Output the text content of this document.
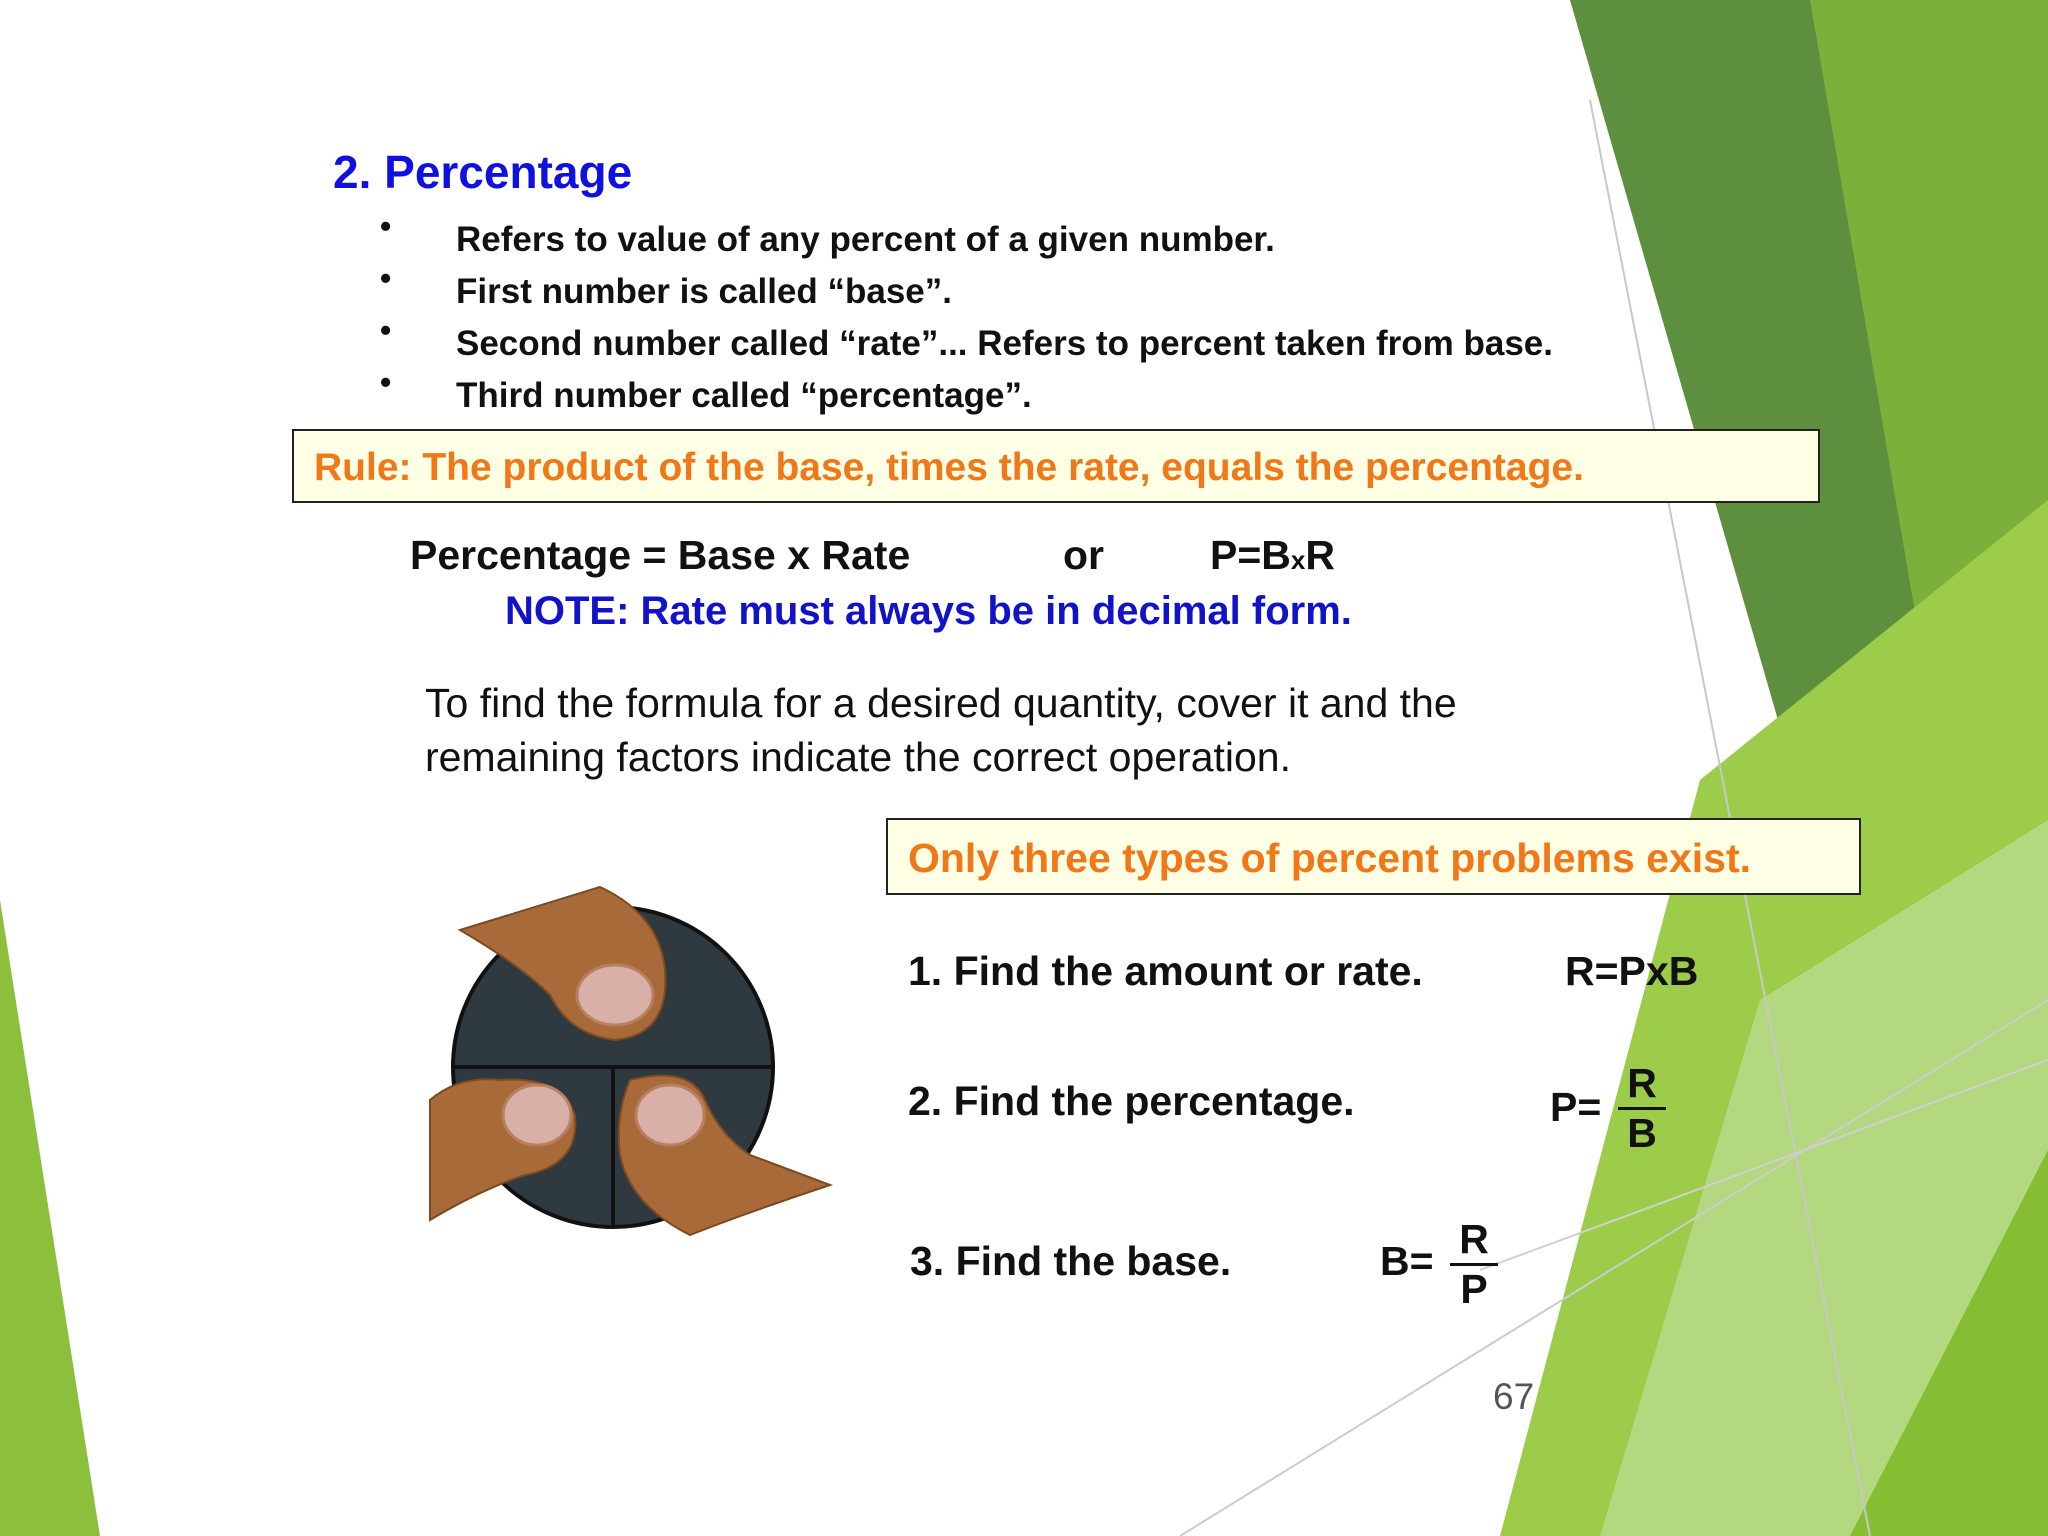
2. Percentage
• Refers to value of any percent of a given number.
• First number is called “base”.
• Second number called “rate”... Refers to percent taken from base.
• Third number called “percentage”.
Rule: The product of the base, times the rate, equals the percentage.
Percentage = Base x Rate	or	P=BxR
NOTE: Rate must always be in decimal form.
To find the formula for a desired quantity, cover it and the remaining factors indicate the correct operation.
Only three types of percent problems exist.
1. Find the amount or rate.	R=PxB
2. Find the percentage.	P=
R
B
3. Find the base.	B= R
P
67
